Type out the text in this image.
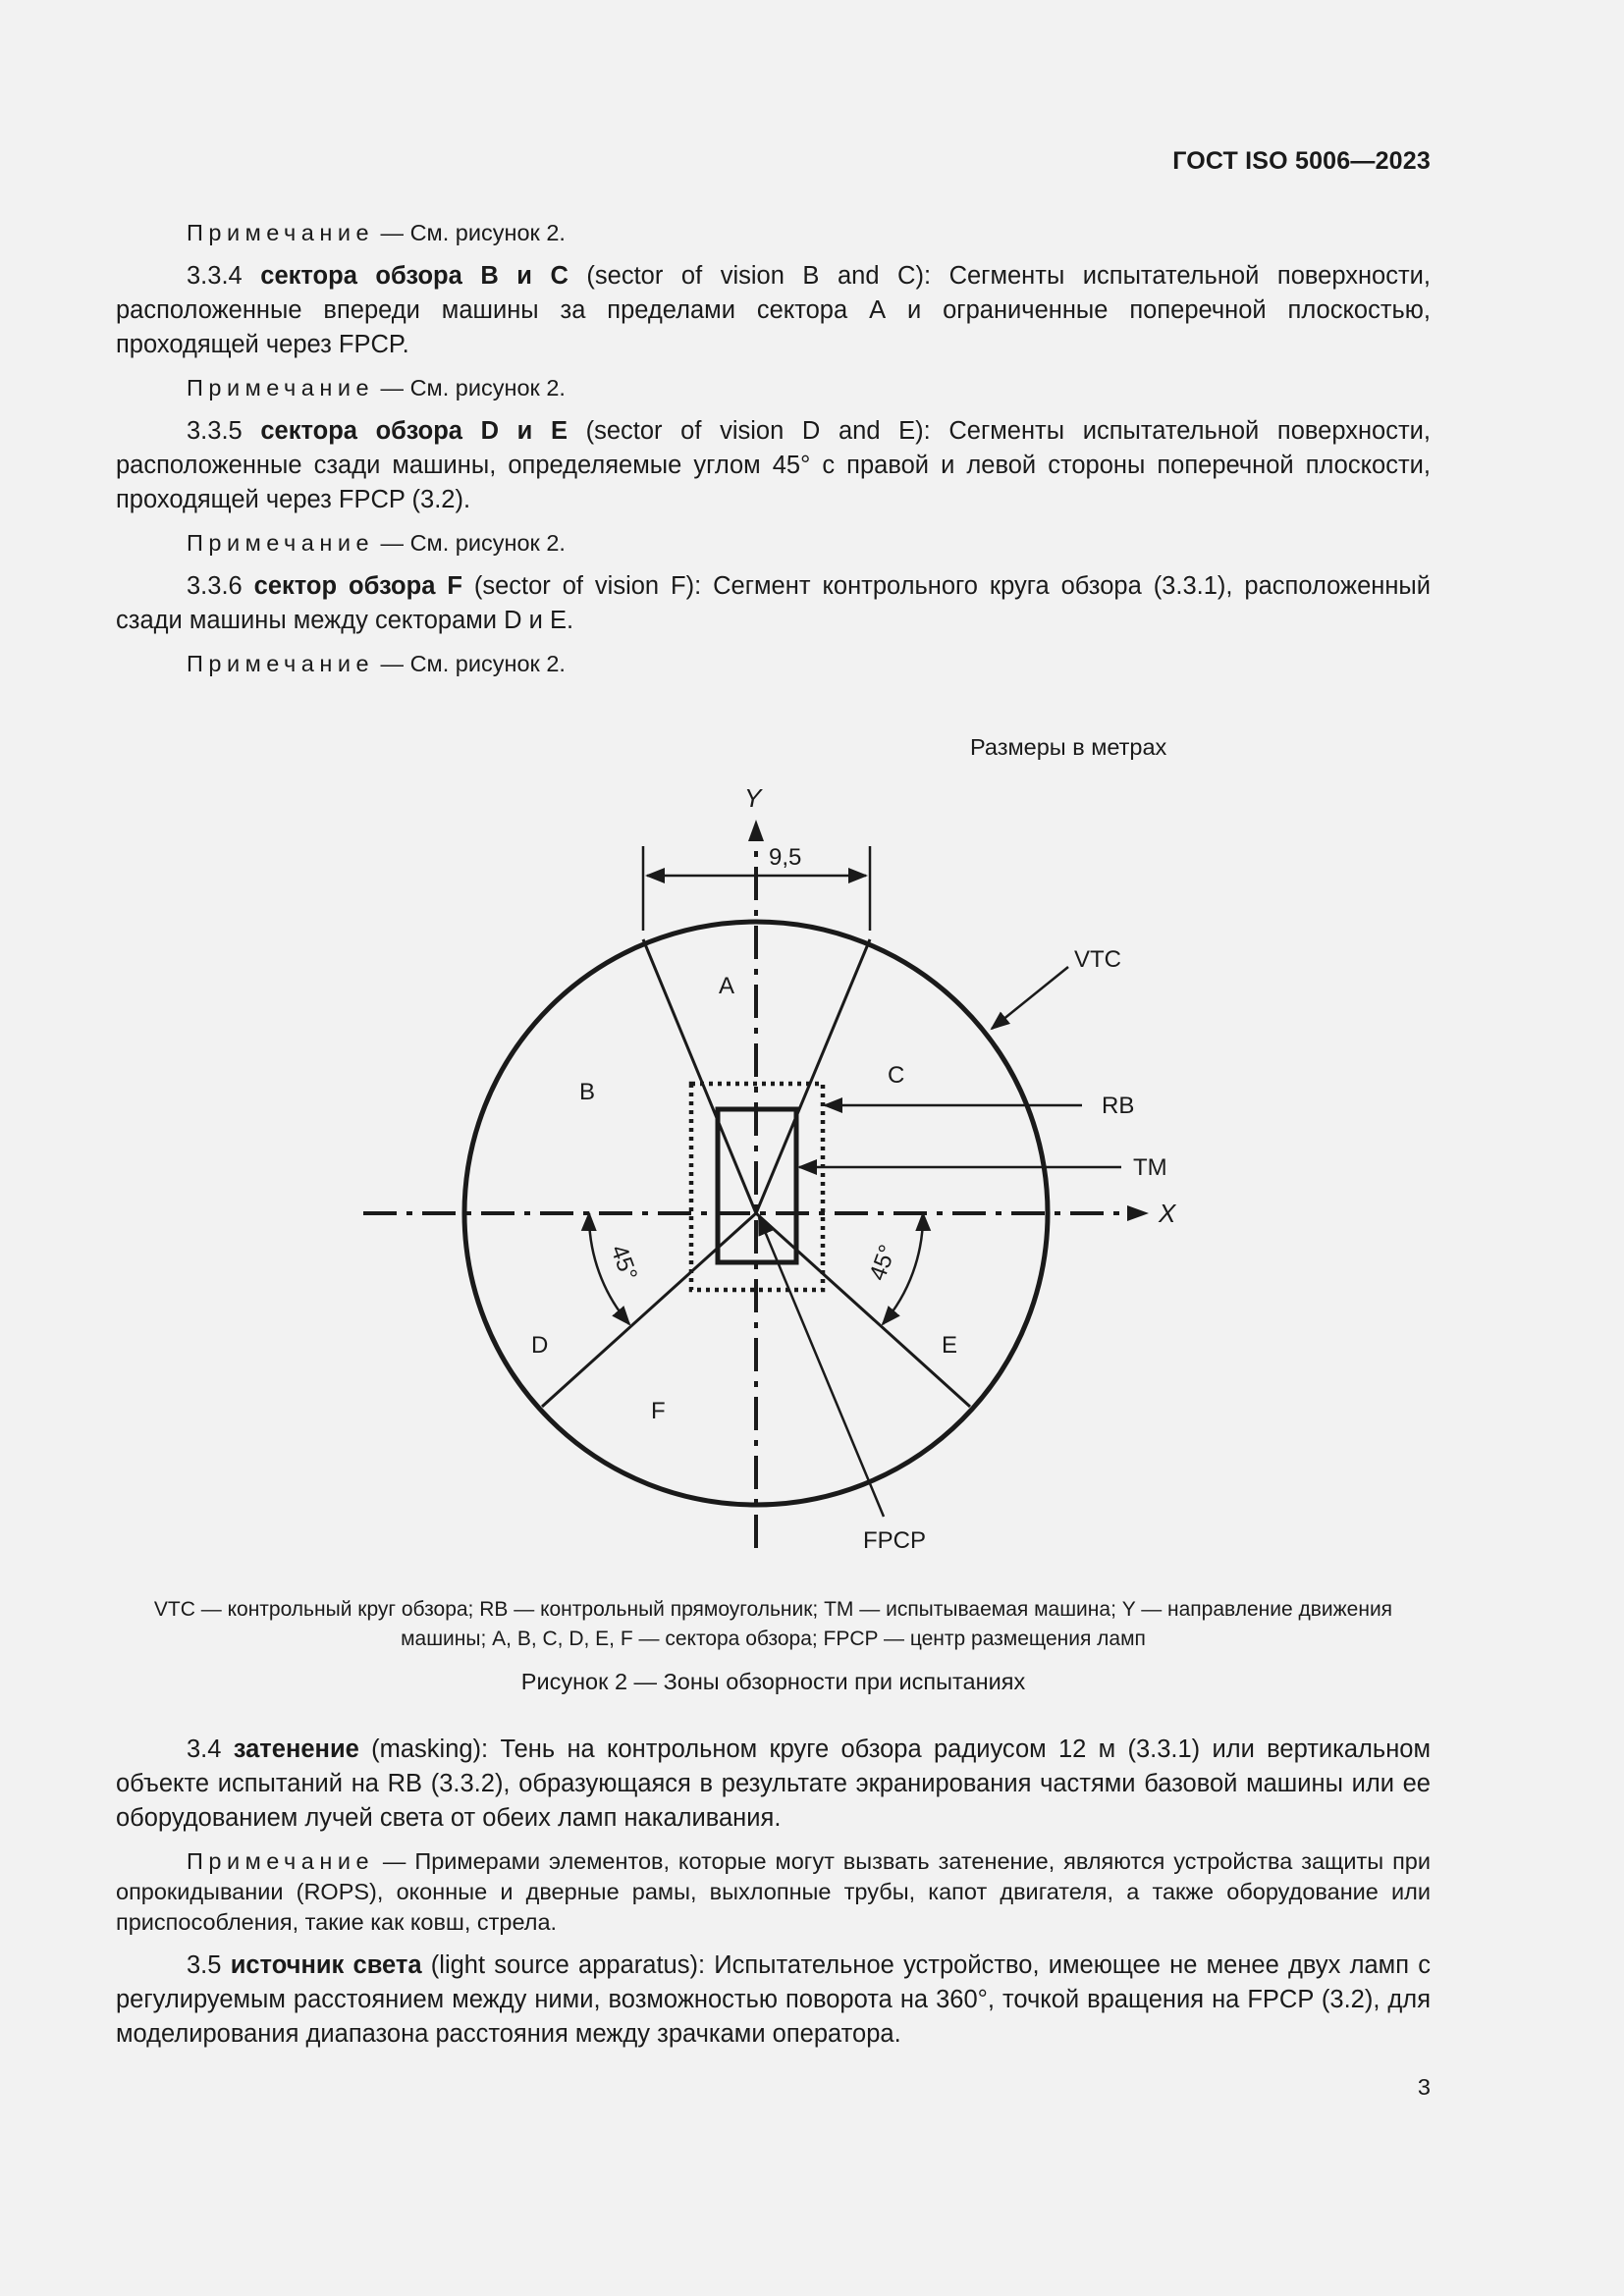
ГОСТ ISO 5006—2023

Примечание — См. рисунок 2.

3.3.4 сектора обзора B и C (sector of vision B and C): Сегменты испытательной поверхности, расположенные впереди машины за пределами сектора А и ограниченные поперечной плоскостью, проходящей через FPCP.

Примечание — См. рисунок 2.

3.3.5 сектора обзора D и E (sector of vision D and E): Сегменты испытательной поверхности, расположенные сзади машины, определяемые углом 45° с правой и левой стороны поперечной плоскости, проходящей через FPCP (3.2).

Примечание — См. рисунок 2.

3.3.6 сектор обзора F (sector of vision F): Сегмент контрольного круга обзора (3.3.1), расположенный сзади машины между секторами D и E.

Примечание — См. рисунок 2.

Размеры в метрах
Y
X
9,5
VTC
RB
TM
FPCP
A
B
C
D	E
F
45°	45°
VTC — контрольный круг обзора; RB — контрольный прямоугольник; TM — испытываемая машина; Y — направление движения
машины; A, B, C, D, E, F — сектора обзора; FPCP — центр размещения ламп
Рисунок 2 — Зоны обзорности при испытаниях

3.4 затенение (masking): Тень на контрольном круге обзора радиусом 12 м (3.3.1) или вертикальном объекте испытаний на RB (3.3.2), образующаяся в результате экранирования частями базовой машины или ее оборудованием лучей света от обеих ламп накаливания.

Примечание — Примерами элементов, которые могут вызвать затенение, являются устройства защиты при опрокидывании (ROPS), оконные и дверные рамы, выхлопные трубы, капот двигателя, а также оборудование или приспособления, такие как ковш, стрела.

3.5 источник света (light source apparatus): Испытательное устройство, имеющее не менее двух ламп с регулируемым расстоянием между ними, возможностью поворота на 360°, точкой вращения на FPCP (3.2), для моделирования диапазона расстояния между зрачками оператора.

3
